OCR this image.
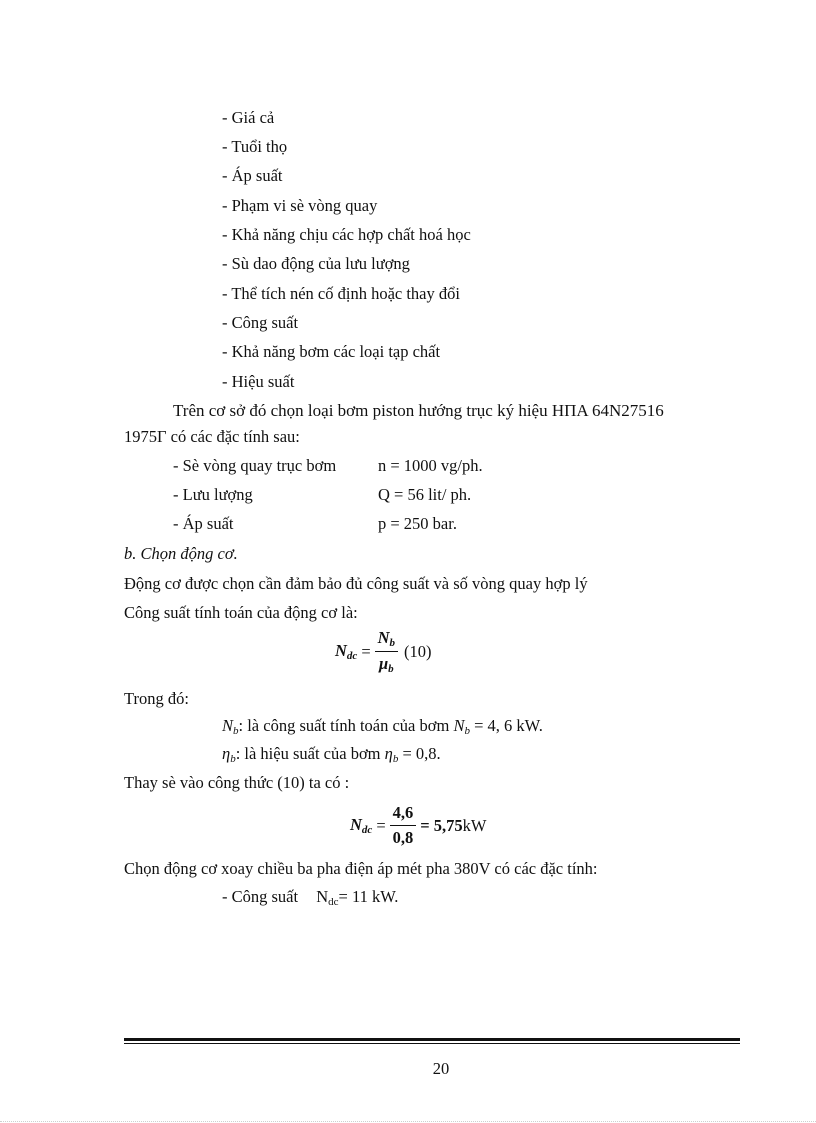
- Giá cả
- Tuổi thọ
- Áp suất
- Phạm vi sè vòng quay
- Khả năng chịu các hợp chất hoá học
- Sù dao động của lưu lượng
- Thể tích nén cố định hoặc thay đổi
- Công suất
- Khả năng bơm các loại tạp chất
- Hiệu suất
Trên cơ sở đó chọn loại bơm piston hướng trục ký hiệu HПA 64N27516
1975Г có các đặc tính sau:
- Sè vòng quay trục bơm	n = 1000 vg/ph.
- Lưu lượng	Q = 56 lit/ ph.
- Áp suất	p = 250 bar.
b. Chọn động cơ.
Động cơ được chọn cần đảm bảo đủ công suất và số vòng quay hợp lý
Công suất tính toán của động cơ là:
$N_{dc} = \frac{N_b}{\mu_b} (10)$
Trong đó:
$N_b$: là công suất tính toán của bơm $N_b = 4$, 6 kW.
$\eta_b$: là hiệu suất của bơm $\eta_b = 0,8$.
Thay sè vào công thức (10) ta có :
$N_{dc} = \frac{4,6}{0,8} = 5,75$ kW
Chọn động cơ xoay chiều ba pha điện áp mét pha 380V có các đặc tính:
- Công suất $N_{dc}= 11$ kW.
20
